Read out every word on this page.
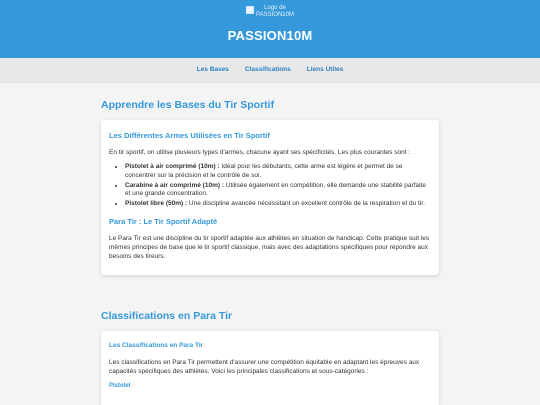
Logo de
PASSION10M
PASSION10M
Les Bases Classifications Liens Utiles
Apprendre les Bases du Tir Sportif
Les Différentes Armes Utilisées en Tir Sportif

En tir sportif, on utilise plusieurs types d'armes, chacune ayant ses spécificités. Les plus courantes sont :

• Pistolet à air comprimé (10m) : Idéal pour les débutants, cette arme est légère et permet de se concentrer sur la précision et le contrôle de soi.
• Carabine à air comprimé (10m) : Utilisée également en compétition, elle demande une stabilité parfaite et une grande concentration.
• Pistolet libre (50m) : Une discipline avancée nécessitant un excellent contrôle de la respiration et du tir.
Para Tir : Le Tir Sportif Adapté

Le Para Tir est une discipline du tir sportif adaptée aux athlètes en situation de handicap. Cette pratique suit les mêmes principes de base que le tir sportif classique, mais avec des adaptations spécifiques pour répondre aux besoins des tireurs.

Classifications en Para Tir
Les Classifications en Para Tir

Les classifications en Para Tir permettent d'assurer une compétition équitable en adaptant les épreuves aux capacités spécifiques des athlètes. Voici les principales classifications et sous-catégories :

Pistolet
